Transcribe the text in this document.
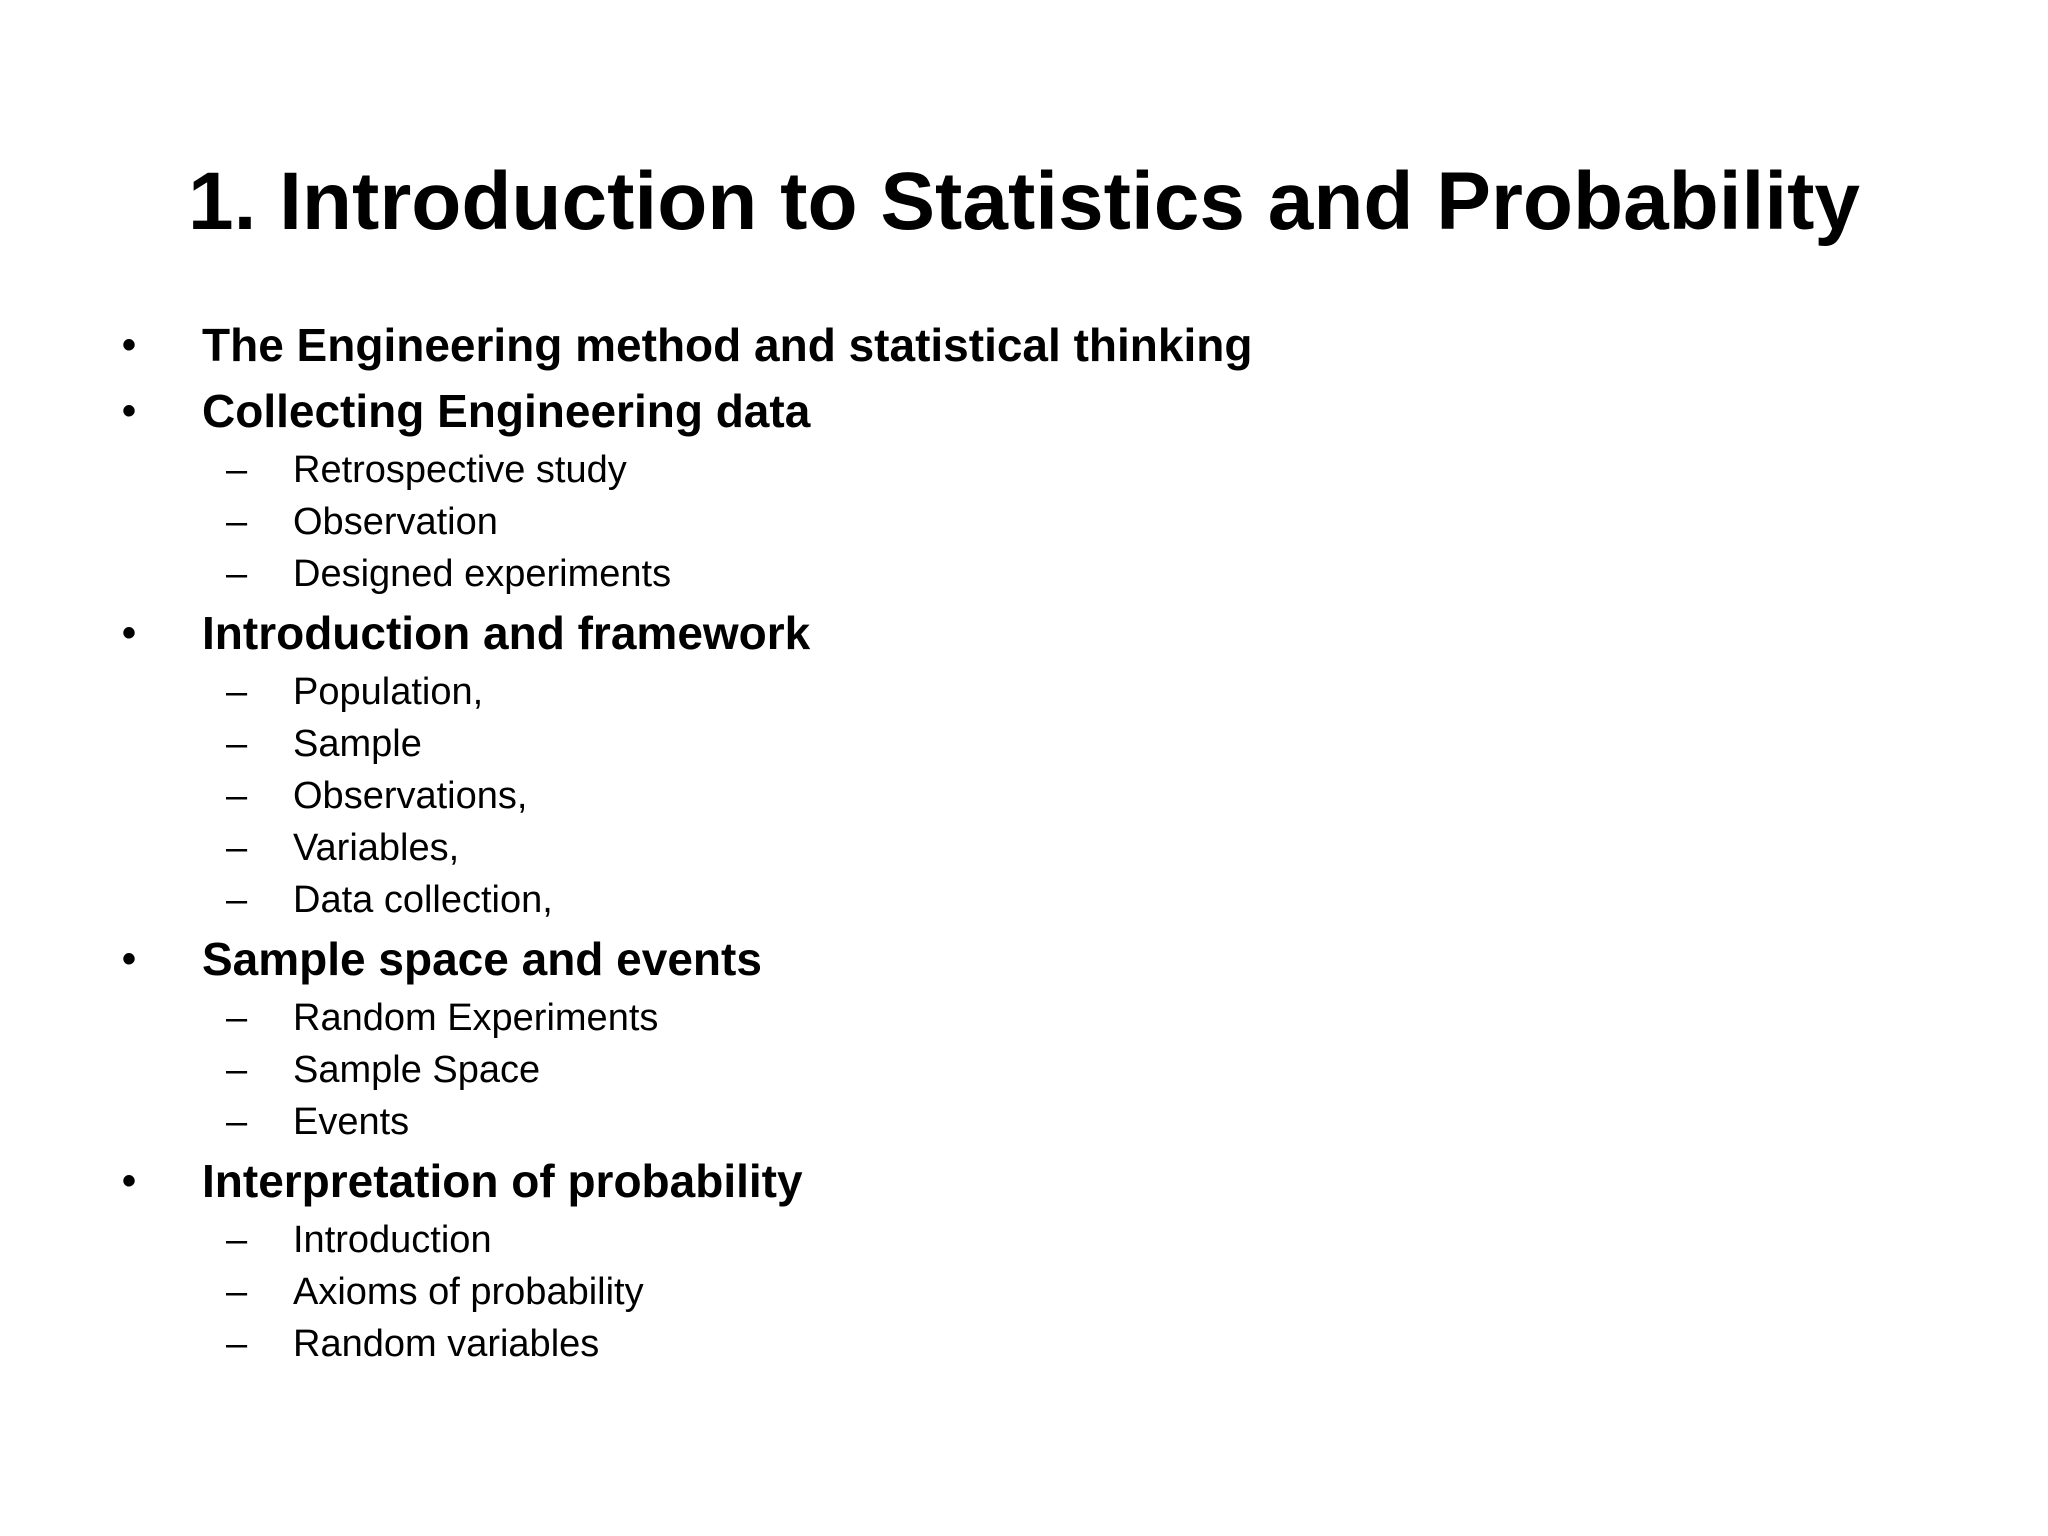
1. Introduction to Statistics and Probability
• The Engineering method and statistical thinking
• Collecting Engineering data
– Retrospective study
– Observation
– Designed experiments
• Introduction and framework
– Population,
– Sample
– Observations,
– Variables,
– Data collection,
• Sample space and events
– Random Experiments
– Sample Space
– Events
• Interpretation of probability
– Introduction
– Axioms of probability
– Random variables
